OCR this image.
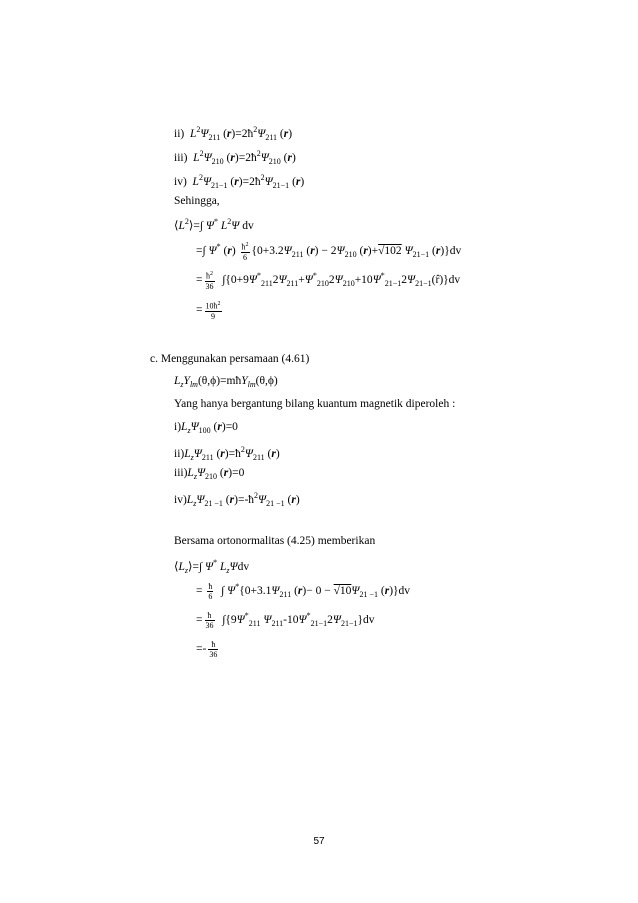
ii)  $L^2\Psi_{211}$ $(r)=2ħ^2\Psi_{211}$ (r)
iii)  $L^2\Psi_{210}$ $(r)=2ħ^2\Psi_{210}$ (r)
iv)  $L^2\Psi_{21-1}$ $(r)=2ħ^2\Psi_{21-1}$ (r)
Sehingga,
$⟨L^2⟩=\int$ Ψ* $L^2\Psi$ dv
=∫ Ψ* $(r) \frac{ħ^2}{6} \{0+3.2\Psi_{211}$ $(r) - 2\Psi_{210}$ (r)+√102 $\Psi_{21-1}$ (r)}dv
= $\frac{ħ^2}{36}$ $\int\{0+9\Psi^*_{211}2\Psi_{211}+\Psi^*_{210}2\Psi_{210}+10\Psi^*_{21-1}2\Psi_{21-1}(r̂)\}dv$
= $\frac{10ħ^2}{9}$
c. Menggunakan persamaan (4.61)
$L_zY_{lm}(\theta,\phi)=mħY_{lm}(\theta,\phi)$
Yang hanya bergantung bilang kuantum magnetik diperoleh :
$i)L_z\Psi_{100}$ (r)=0
$ii)L_z\Psi_{211}$ $(r)=ħ^2\Psi_{211}$ (r)
$iii)L_z\Psi_{210}$ (r)=0
$iv)L_z\Psi_{21 -1}$ $(r)=-ħ^2\Psi_{21 -1}$ (r)
Bersama ortonormalitas (4.25) memberikan
$⟨L_z⟩=\int$ Ψ* $L_z\Psi dv$
= $\frac{ħ}{6}$ ∫ $\Psi^*\{0+3.1\Psi_{211}$ $(r)- 0 - √10\Psi_{21 -1}$ (r)}dv
= $\frac{ħ}{36} \int\{9\Psi^*_{211}$ $\Psi_{211}-10\Psi^*_{21-1}2\Psi_{21-1}\}dv$
=- $\frac{ħ}{36}$
57
